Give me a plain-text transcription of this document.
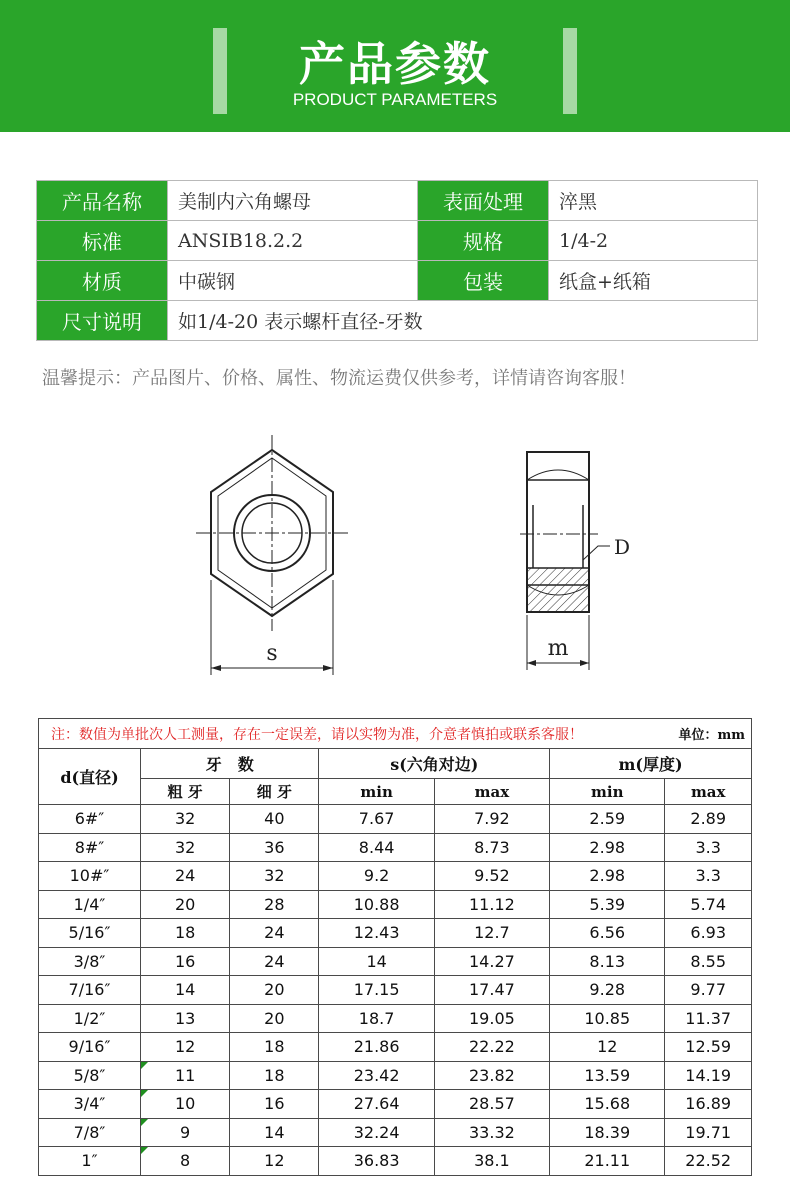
产品参数
PRODUCT PARAMETERS
产品名称	美制内六角螺母	表面处理	淬黑
标准	ANSIB18.2.2	规格	1/4-2
材质	中碳钢	包装	纸盒+纸箱
尺寸说明	如1/4-20 表示螺杆直径-牙数		
温馨提示：产品图片、价格、属性、物流运费仅供参考，详情请咨询客服！
s
D
m
注：数值为单批次人工测量，存在一定误差，请以实物为准，介意者慎拍或联系客服！						单位：mm
d(直径)	牙　数		s(六角对边)		m(厚度)	
	粗 牙	细 牙	min	max	min	max
6#″	32	40	7.67	7.92	2.59	2.89
8#″	32	36	8.44	8.73	2.98	3.3
10#″	24	32	9.2	9.52	2.98	3.3
1/4″	20	28	10.88	11.12	5.39	5.74
5/16″	18	24	12.43	12.7	6.56	6.93
3/8″	16	24	14	14.27	8.13	8.55
7/16″	14	20	17.15	17.47	9.28	9.77
1/2″	13	20	18.7	19.05	10.85	11.37
9/16″	12	18	21.86	22.22	12	12.59
5/8″	11	18	23.42	23.82	13.59	14.19
3/4″	10	16	27.64	28.57	15.68	16.89
7/8″	9	14	32.24	33.32	18.39	19.71
1″	8	12	36.83	38.1	21.11	22.52
